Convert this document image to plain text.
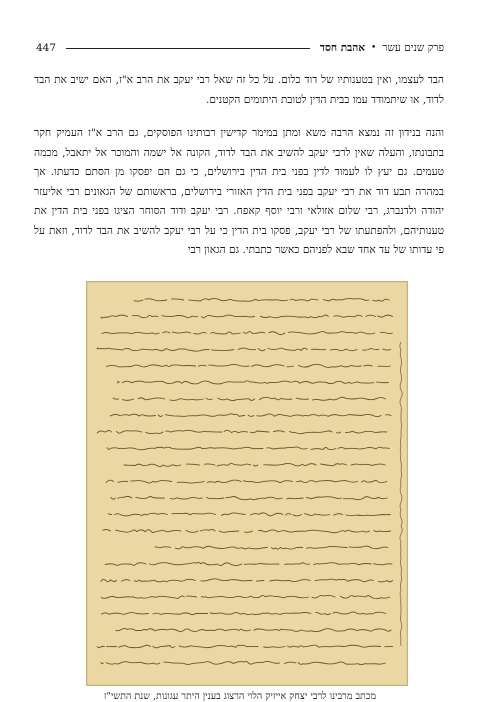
פרק שנים עשר
•
אהבת חסד
447

הבד לעצמו, ואין בטענותיו של דוד כלום. על כל זה שאל רבי יעקב את הרב א"ז, האם ישיב את הבד לדוד, או שיתמודד עמו בבית הדין לטובת היתומים הקטנים.

והנה בנידון זה נמצא הרבה משא ומתן במימר קדישין רבותינו הפוסקים, גם הרב א"ז העמיק חקר בתבונתו, והעלה שאין לרבי יעקב להשיב את הבד לדוד, הקונה אל ישמה והמוכר אל יתאבל, מכמה טעמים. גם יעץ לו לעמוד לדין בפני בית הדין בירושלים, כי גם הם יפסקו מן הסתם כדעתו. אך במהרה תבע דוד את רבי יעקב בפני בית הדין האזורי בירושלים, בראשותם של הגאונים רבי אליעזר יהודה ולדנברג, רבי שלום אזולאי ורבי יוסף קאפח. רבי יעקב ודוד הסוחר הציגו בפני בית הדין את טענותיהם, ולהפתעתו של רבי יעקב, פסקו בית הדין כי על רבי יעקב להשיב את הבד לדוד, וזאת על פי עדותו של עד אחד שבא לפניהם כאשר כתבתי. גם הגאון רבי

מכתב מרבינו לרבי יצחק אייזיק הלוי הרצוג בענין היתר עגונות, שנת התשי"ז
